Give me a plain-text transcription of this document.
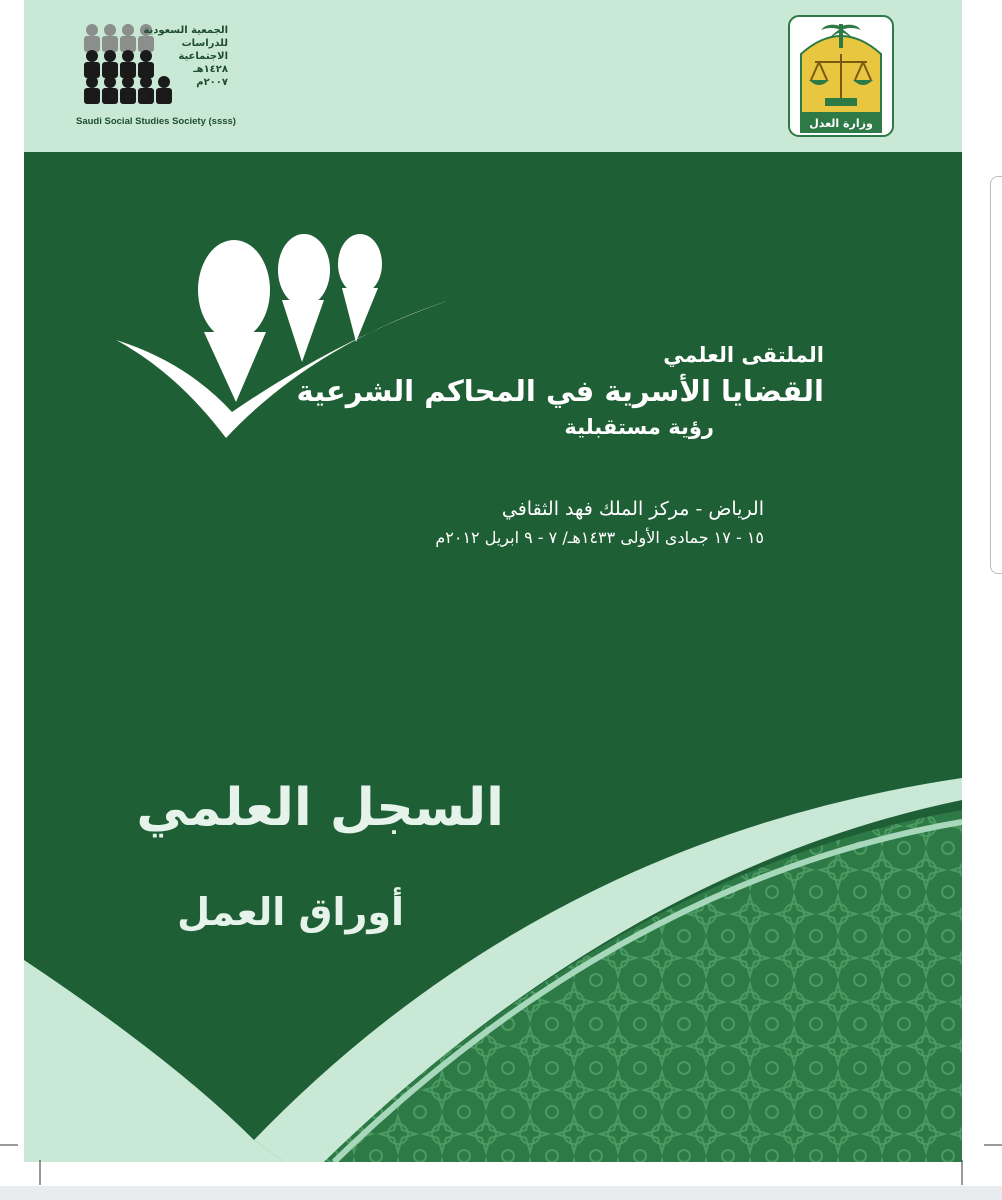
الجمعية السعودية
للدراسات
الاجتماعية
١٤٢٨هـ
٢٠٠٧م
Saudi Social Studies Society (ssss)	وزارة العدل
الملتقى العلمي
القضايا الأسرية في المحاكم الشرعية
رؤية مستقبلية
الرياض - مركز الملك فهد الثقافي
١٥ - ١٧ جمادى الأولى ١٤٣٣هـ/ ٧ - ٩ ابريل ٢٠١٢م
السجل العلمي
أوراق العمل
